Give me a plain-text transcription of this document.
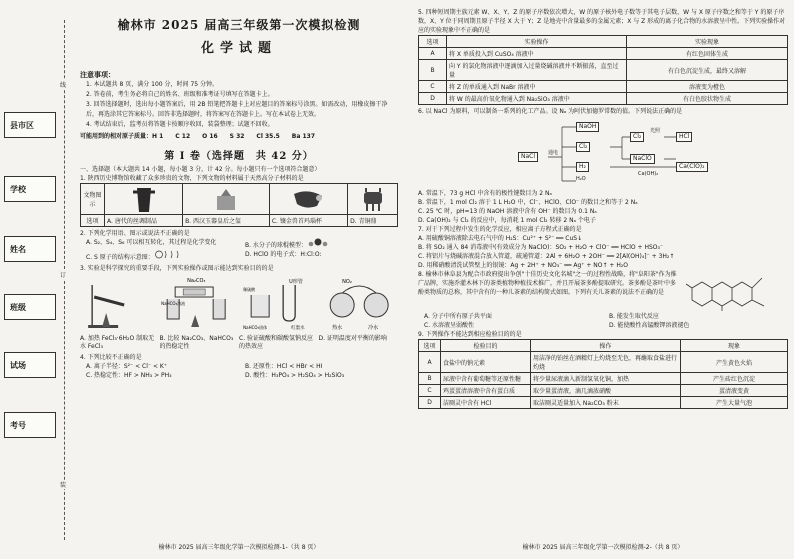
县市区
学校
姓名
班级
试场
考号
线
订
装
榆林市 2025 届高三年级第一次模拟检测
化学试题
注意事项：

1. 本试题共 8 页，满分 100 分，时间 75 分钟。

2. 答卷前，考生务必将自己的姓名、班级和准考证号填写在答题卡上。

3. 回答选择题时，选出每小题答案后，用 2B 铅笔把答题卡上对应题目的答案标号涂黑。如需改动，用橡皮擦干净后，再选涂其它答案标号。回答非选择题时，将答案写在答题卡上。写在本试卷上无效。

4. 考试结束后，监考员将答题卡按顺序收回，装袋整理；试题不回收。

可能用到的相对原子质量：H 1　　C 12　　O 16　　S 32　　Cl 35.5　　Ba 137
第 Ⅰ 卷（选择题　共 42 分）
一、选择题（本大题共 14 小题，每小题 3 分，计 42 分。每小题只有一个选项符合题意）
1. 陕西历史博物馆收藏了众多珍贵的文物，下列文物的材料属于天然高分子材料的是
文物图示	

选项	A. 唐代的丝调制品	B. 西汉玉器皇后之玺	C. 镶金兽首玛瑙杯	D. 青铜鼎
2. 下列化学用语、图示或说法不正确的是
A. S₂、S₄、S₆ 可以相互转化，其过程是化学变化	B. 水分子的球棍模型：
C. S 原子的结构示意图：	D. HClO 的电子式：H:Cl:O:
3. 实验是科学探究的重要手段，下列实验操作或图示能达到实验目的的是
Na₂CO₃
NaHCO₃溶液
U形管
稀硫酸
红墨水
NaHCO₃固体
NO₂
热水	冷水
A. 加热 FeCl₃·6H₂O 制取无水 FeCl₃
B. 比较 Na₂CO₃、NaHCO₃ 的热稳定性
C. 验证硫酸和碳酸氢钠反应的热效应
D. 证明温度对平衡的影响
4. 下列比较不正确的是
A. 离子半径：S²⁻ < Cl⁻ < K⁺	B. 还原性：HCl < HBr < HI
C. 热稳定性：HF > NH₃ > PH₃	D. 酸性：H₃PO₄ > H₂SO₄ > H₂SiO₃
榆林市 2025 届高三年级化学第一次模拟检测-1-（共 8 页）
5. 四种短周期主族元素 W、X、Y、Z 的原子序数依次增大，W 的原子核外电子数等于其电子层数，W 与 X 原子序数之和等于 Y 的原子序数，X、Y 位于同周期且原子半径 X 大于 Y；Z 是地壳中含量最多的金属元素；X 与 Z 形成的离子化合物的水溶液呈中性。下列实验操作对应的实验现象中不正确的是
选项	实验操作	实验现象
A	将 X 单质投入到 CuSO₄ 溶液中	有红色固体生成
B	向 Y 的氯化物溶液中逐滴加入过量烧碱溶液并不断振荡，直至过量	有白色沉淀生成，最终又溶解
C	将 Z 的单质通入到 NaBr 溶液中	溶液变为橙色
D	将 W 的最高价氧化物通入到 Na₂SiO₃ 溶液中	有白色胶状物生成
6. 以 NaCl 为原料，可以制备一系列的化工产品。设 Nₐ 为阿伏加德罗常数的值。下列说法正确的是
NaCl	通电
NaOH
Cl₂
H₂
H₂O
Cl₂
光照
HCl
NaClO
Ca(OH)₂
Ca(ClO)₂
A. 常温下，73 g HCl 中含有的极性键数目为 2 Nₐ
B. 常温下，1 mol Cl₂ 溶于 1 L H₂O 中，Cl⁻、HClO、ClO⁻ 的数目之和等于 2 Nₐ
C. 25 ℃ 时，pH=13 的 NaOH 溶液中含有 OH⁻ 的数目为 0.1 Nₐ
D. Ca(OH)₂ 与 Cl₂ 的反应中，每消耗 1 mol Cl₂ 转移 2 Nₐ 个电子
7. 对于下列过程中发生的化学反应，相应离子方程式正确的是
A. 用硫酸铜溶液除去电石气中的 H₂S：Cu²⁺ + S²⁻ ══ CuS↓
B. 将 SO₂ 通入 84 消毒液中(有效成分为 NaClO)：SO₂ + H₂O + ClO⁻ ══ HClO + HSO₃⁻
C. 将铝片与烧碱溶液混合放入管道，疏通管道：2Al + 6H₂O + 2OH⁻ ══ 2[Al(OH)₄]⁻ + 3H₂↑
D. 用稀硝酸清洗试管壁上的银镜：Ag + 2H⁺ + NO₃⁻ ══ Ag⁺ + NO↑ + H₂O
8. 榆林市林阜县为配合市政府提出争创"十佳历史文化名城"之一的过程性战略，将"阜阳茶"作为推广品牌，实施乔灌木林下的茶类植物种植技术推广，并且开展茶多酚提取研究。茶多酚是茶叶中多酚类物质的总称，其中含有的一种儿茶素的结构简式如图。下列有关儿茶素的说法不正确的是
A. 分子中所有原子共平面	B. 能发生取代反应
C. 水溶液呈弱酸性	D. 能使酸性高锰酸钾溶液褪色
9. 下列操作不能达到相应检验目的的是
选项	检验目的	操作	现象
A	食盐中的钠元素	用洁净的铂丝在酒精灯上灼烧至无色，再蘸取食盐进行灼烧	产生黄色火焰
B	尿液中含有葡萄糖等还原性糖	将少量尿液滴入新制氢氧化铜，加热	产生砖红色沉淀
C	鸡蛋蛋清溶液中含有蛋白质	取少量蛋清液，滴几滴浓硝酸	蛋清液变黄
D	洁厕灵中含有 HCl	取洁厕灵适量加入 Na₂CO₃ 粉末	产生大量气泡
榆林市 2025 届高三年级化学第一次模拟检测-2-（共 8 页）
